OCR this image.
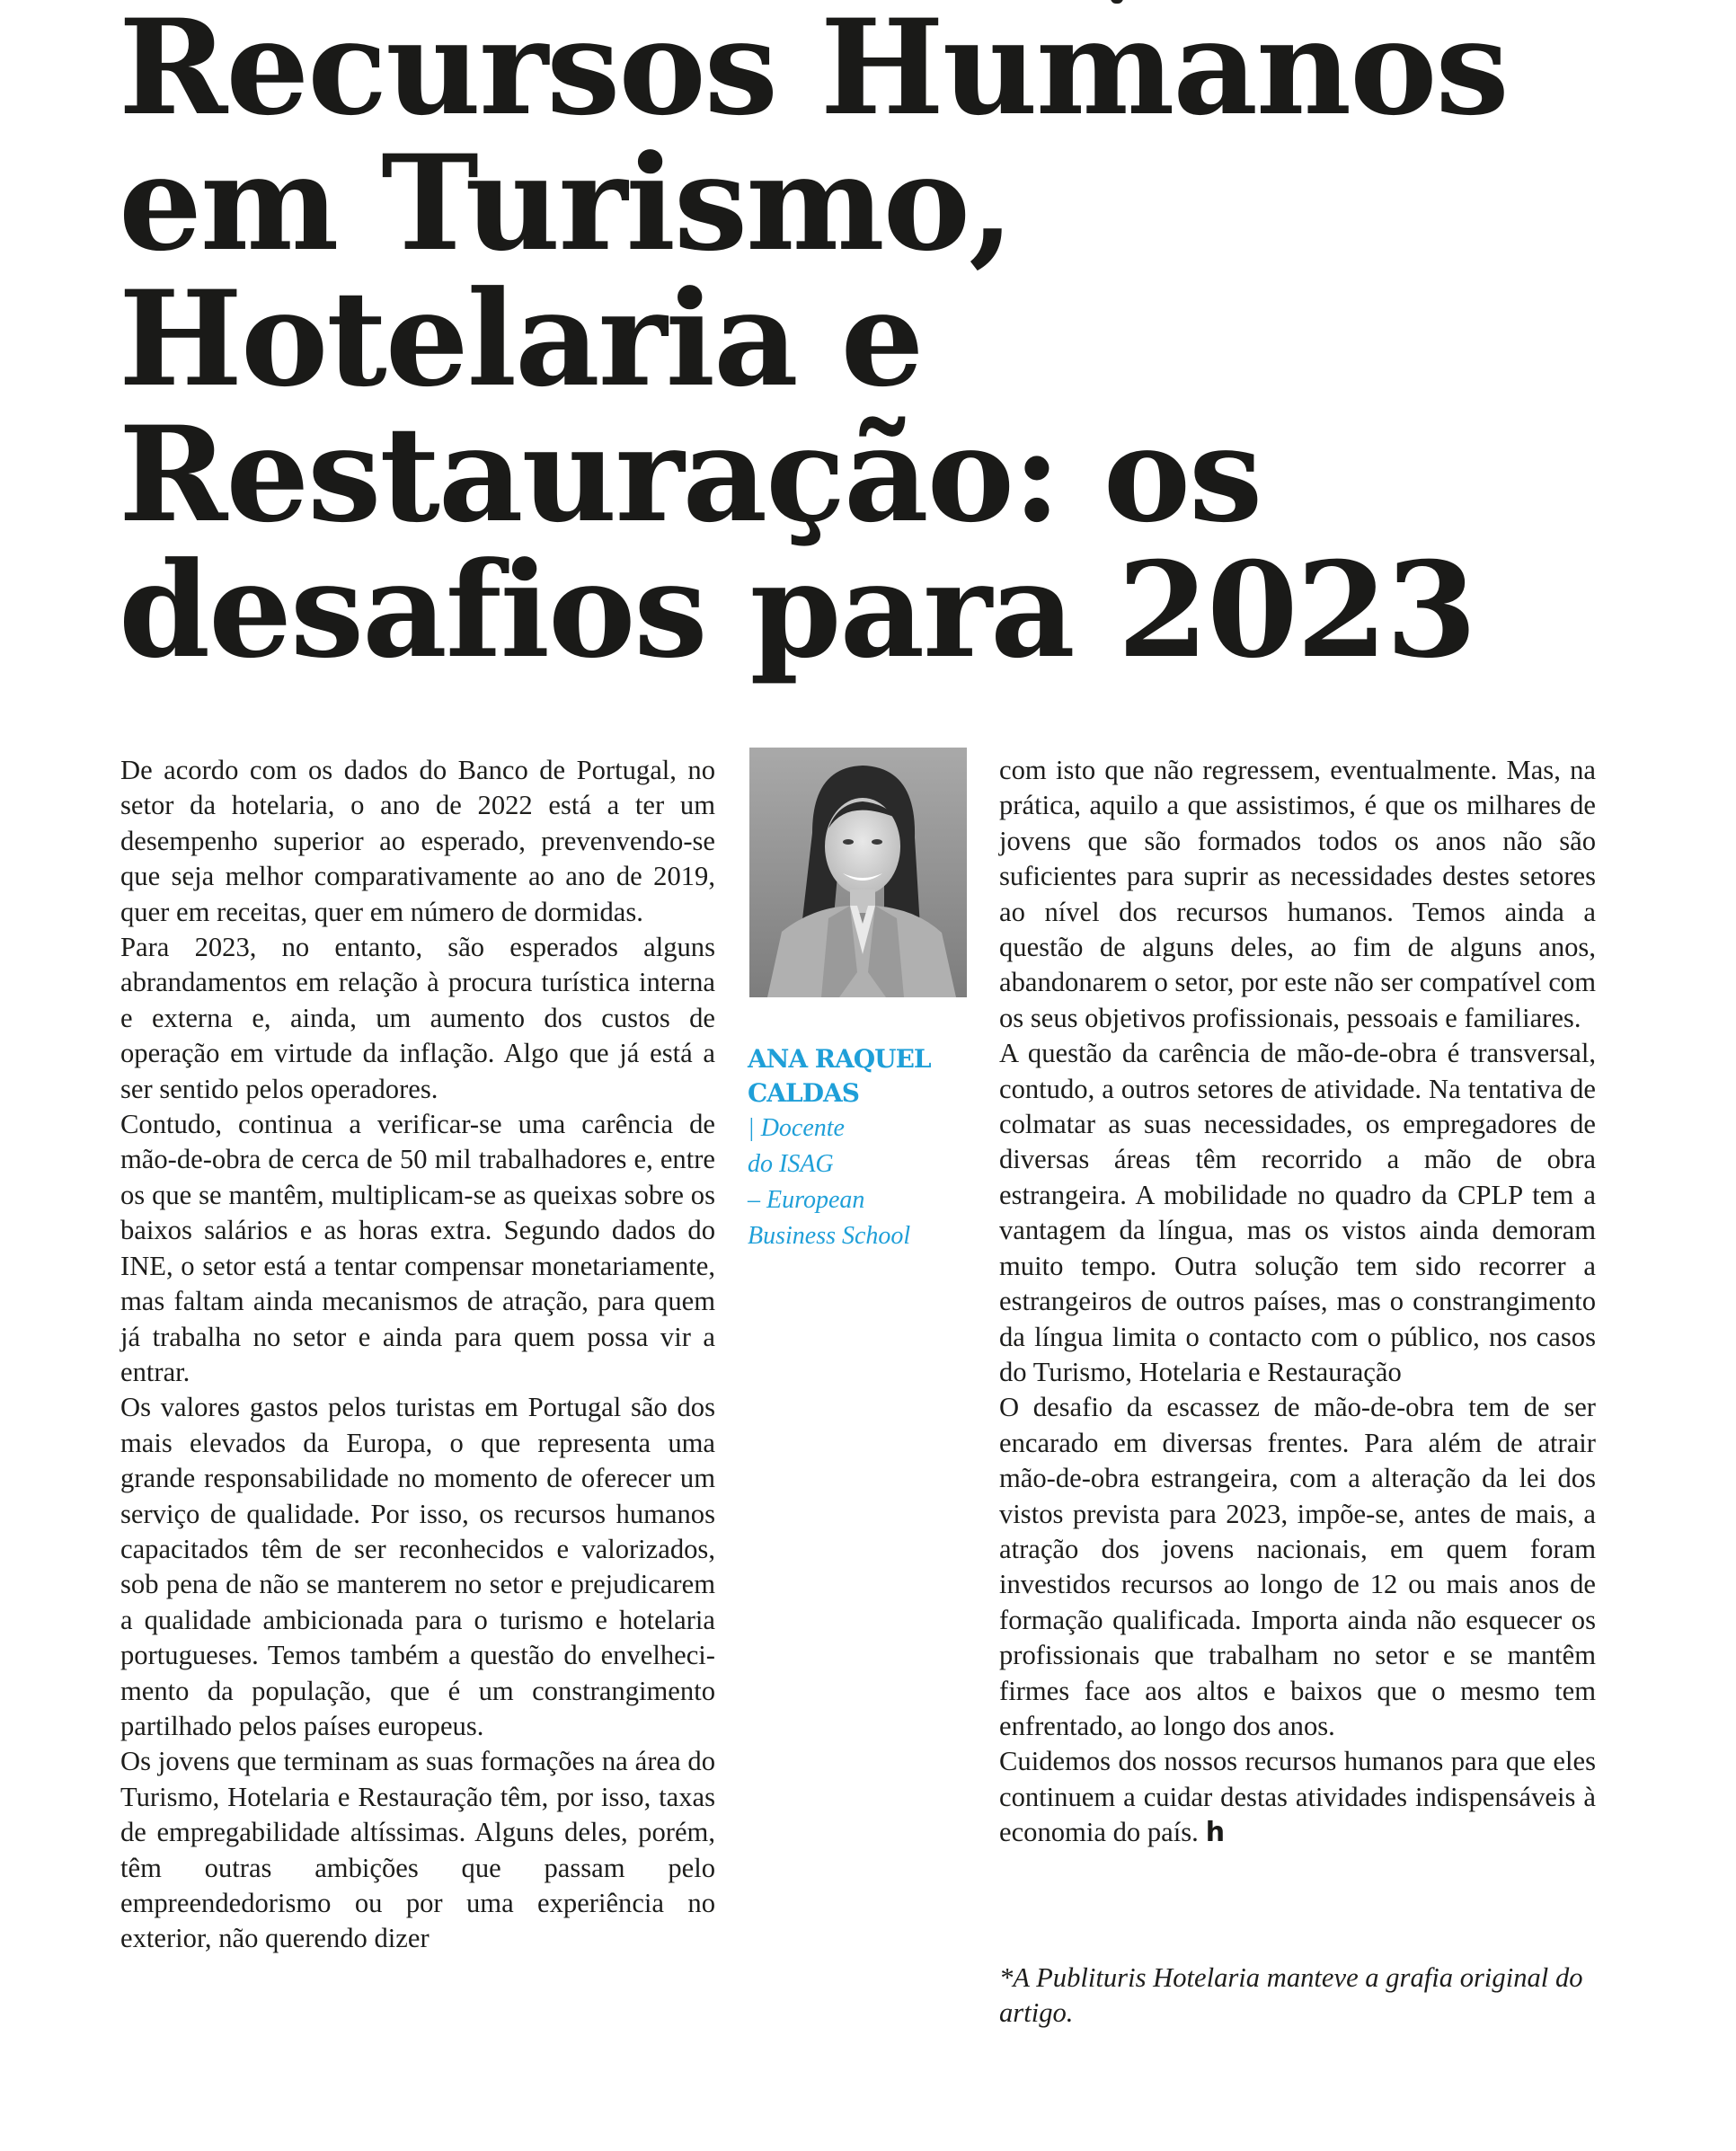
Recursos Humanos
em Turismo,
Hotelaria e
Restauração: os
desafios para 2023

De acordo com os dados do Banco de Portugal, no setor da hotelaria, o ano de 2022 está a ter um desempenho superior ao esperado, prevenvendo-se que seja melhor comparativamente ao ano de 2019, quer em receitas, quer em número de dormidas.

Para 2023, no entanto, são esperados alguns abrandamentos em relação à procura turística interna e externa e, ainda, um aumento dos custos de operação em virtude da inflação. Algo que já está a ser sentido pelos operadores.

Contudo, continua a verificar-se uma carência de mão-de-obra de cerca de 50 mil trabalhadores e, entre os que se mantêm, multiplicam-se as queixas sobre os baixos salários e as horas extra. Segundo dados do INE, o setor está a tentar compensar monetariamente, mas faltam ainda mecanismos de atração, para quem já trabalha no setor e ainda para quem possa vir a entrar.

Os valores gastos pelos turistas em Portugal são dos mais elevados da Europa, o que representa uma grande responsabilidade no momento de oferecer um serviço de qualidade. Por isso, os recursos humanos capacitados têm de ser reconhecidos e valorizados, sob pena de não se manterem no setor e prejudicarem a qualidade ambicionada para o turismo e hotelaria portugueses. Temos também a questão do envelhecimento da população, que é um constrangimento partilhado pelos países europeus.

Os jovens que terminam as suas formações na área do Turismo, Hotelaria e Restauração têm, por isso, taxas de empregabilidade altíssimas. Alguns deles, porém, têm outras ambições que passam pelo empreendedorismo ou por uma experiência no exterior, não querendo dizer

ANA RAQUEL

CALDAS

| Docente

do ISAG

– European

Business School

com isto que não regressem, eventualmente. Mas, na prática, aquilo a que assistimos, é que os milhares de jovens que são formados todos os anos não são suficientes para suprir as necessidades destes setores ao nível dos recursos humanos. Temos ainda a questão de alguns deles, ao fim de alguns anos, abandonarem o setor, por este não ser compatível com os seus objetivos profissionais, pessoais e familiares.

A questão da carência de mão-de-obra é transversal, contudo, a outros setores de atividade. Na tentativa de colmatar as suas necessidades, os empregadores de diversas áreas têm recorrido a mão de obra estrangeira. A mobilidade no quadro da CPLP tem a vantagem da língua, mas os vistos ainda demoram muito tempo. Outra solução tem sido recorrer a estrangeiros de outros países, mas o constrangimento da língua limita o contacto com o público, nos casos do Turismo, Hotelaria e Restauração

O desafio da escassez de mão-de-obra tem de ser encarado em diversas frentes. Para além de atrair mão-de-obra estrangeira, com a alteração da lei dos vistos prevista para 2023, impõe-se, antes de mais, a atração dos jovens nacionais, em quem foram investidos recursos ao longo de 12 ou mais anos de formação qualificada. Importa ainda não esquecer os profissionais que trabalham no setor e se mantêm firmes face aos altos e baixos que o mesmo tem enfrentado, ao longo dos anos.

Cuidemos dos nossos recursos humanos para que eles continuem a cuidar destas atividades indispensáveis à economia do país. h

*A Publituris Hotelaria manteve a grafia original do artigo.
